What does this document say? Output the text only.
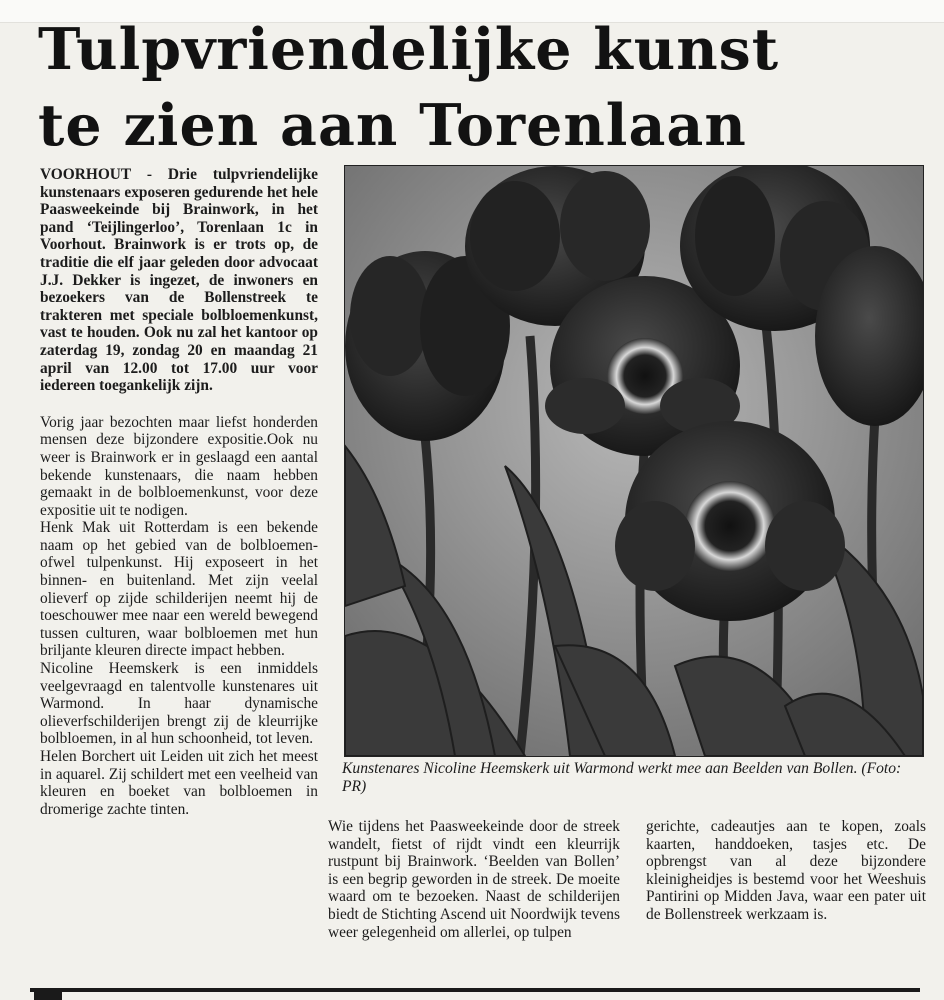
Tulpvriendelijke kunst
te zien aan Torenlaan

VOORHOUT - Drie tulpvriendelijke kunstenaars exposeren gedurende het hele Paasweekeinde bij Brainwork, in het pand ‘Teijlingerloo’, Torenlaan 1c in Voorhout. Brainwork is er trots op, de traditie die elf jaar geleden door advocaat J.J. Dekker is ingezet, de inwoners en bezoekers van de Bollenstreek te trakteren met speciale bolbloemenkunst, vast te houden. Ook nu zal het kantoor op zaterdag 19, zondag 20 en maandag 21 april van 12.00 tot 17.00 uur voor iedereen toegankelijk zijn.

Vorig jaar bezochten maar liefst honderden mensen deze bijzondere expositie.Ook nu weer is Brainwork er in geslaagd een aantal bekende kunstenaars, die naam hebben gemaakt in de bolbloemenkunst, voor deze expositie uit te nodigen.

Henk Mak uit Rotterdam is een bekende naam op het gebied van de bolbloemen- ofwel tulpenkunst. Hij exposeert in het binnen- en buitenland. Met zijn veelal olieverf op zijde schilderijen neemt hij de toeschouwer mee naar een wereld bewegend tussen culturen, waar bolbloemen met hun briljante kleuren directe impact hebben.

Nicoline Heemskerk is een inmiddels veelgevraagd en talentvolle kunstenares uit Warmond. In haar dynamische olieverfschilderijen brengt zij de kleurrijke bolbloemen, in al hun schoonheid, tot leven.

Helen Borchert uit Leiden uit zich het meest in aquarel. Zij schildert met een veelheid van kleuren en boeket van bolbloemen in dromerige zachte tinten.

Kunstenares Nicoline Heemskerk uit Warmond werkt mee aan Beelden van Bollen. (Foto: PR)

Wie tijdens het Paasweekeinde door de streek wandelt, fietst of rijdt vindt een kleurrijk rustpunt bij Brainwork. ‘Beelden van Bollen’ is een begrip geworden in de streek. De moeite waard om te bezoeken. Naast de schilderijen biedt de Stichting Ascend uit Noordwijk tevens weer gelegenheid om allerlei, op tulpen

gerichte, cadeautjes aan te kopen, zoals kaarten, handdoeken, tasjes etc. De opbrengst van al deze bijzondere kleinigheidjes is bestemd voor het Weeshuis Pantirini op Midden Java, waar een pater uit de Bollenstreek werkzaam is.
